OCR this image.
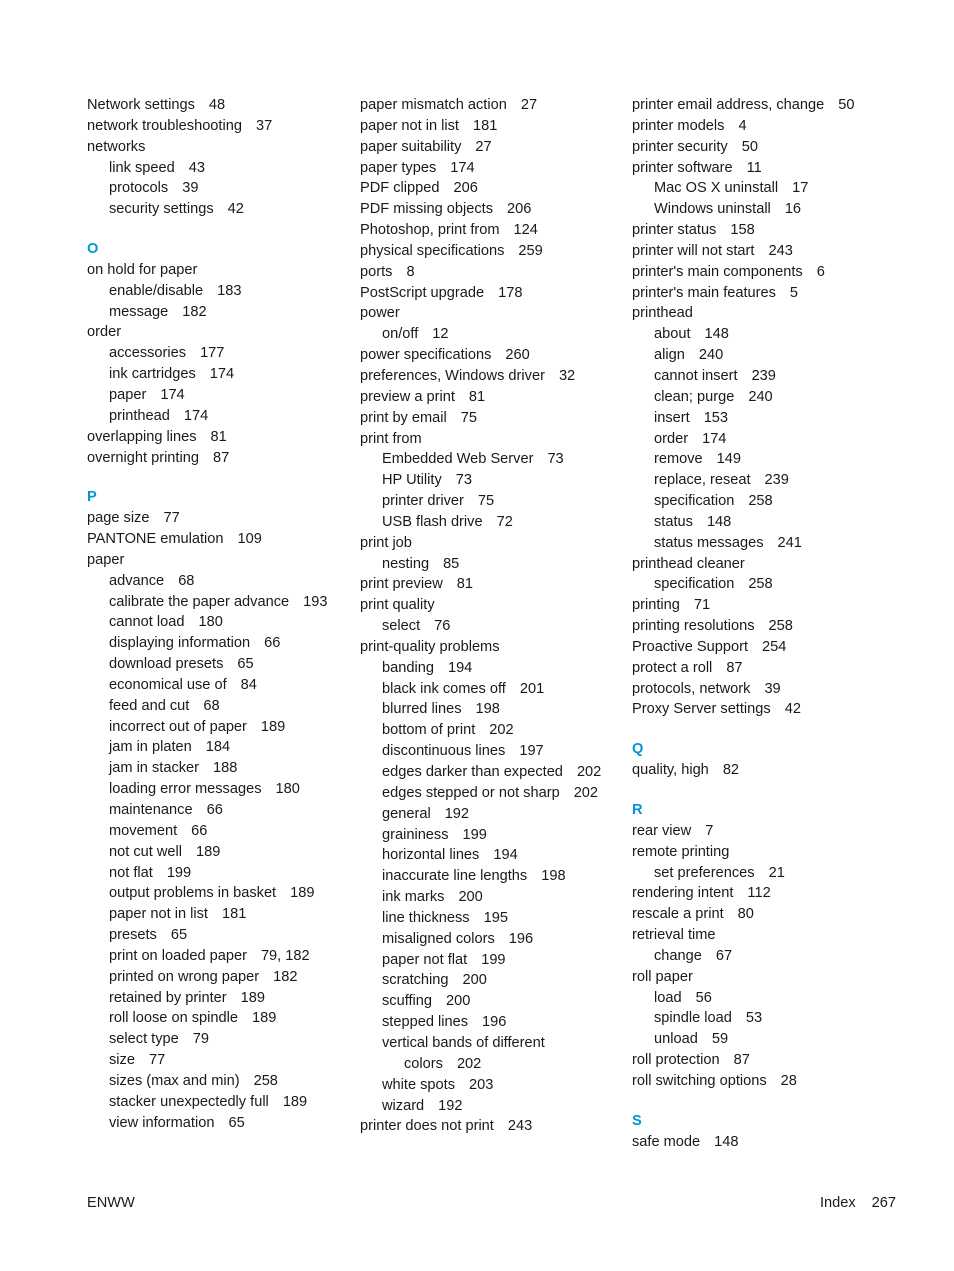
Network settings 48
network troubleshooting 37
networks
link speed 43
protocols 39
security settings 42
O
on hold for paper
enable/disable 183
message 182
order
accessories 177
ink cartridges 174
paper 174
printhead 174
overlapping lines 81
overnight printing 87
P
page size 77
PANTONE emulation 109
paper
advance 68
calibrate the paper advance 193
cannot load 180
displaying information 66
download presets 65
economical use of 84
feed and cut 68
incorrect out of paper 189
jam in platen 184
jam in stacker 188
loading error messages 180
maintenance 66
movement 66
not cut well 189
not flat 199
output problems in basket 189
paper not in list 181
presets 65
print on loaded paper 79, 182
printed on wrong paper 182
retained by printer 189
roll loose on spindle 189
select type 79
size 77
sizes (max and min) 258
stacker unexpectedly full 189
view information 65
paper mismatch action 27
paper not in list 181
paper suitability 27
paper types 174
PDF clipped 206
PDF missing objects 206
Photoshop, print from 124
physical specifications 259
ports 8
PostScript upgrade 178
power
on/off 12
power specifications 260
preferences, Windows driver 32
preview a print 81
print by email 75
print from
Embedded Web Server 73
HP Utility 73
printer driver 75
USB flash drive 72
print job
nesting 85
print preview 81
print quality
select 76
print-quality problems
banding 194
black ink comes off 201
blurred lines 198
bottom of print 202
discontinuous lines 197
edges darker than expected 202
edges stepped or not sharp 202
general 192
graininess 199
horizontal lines 194
inaccurate line lengths 198
ink marks 200
line thickness 195
misaligned colors 196
paper not flat 199
scratching 200
scuffing 200
stepped lines 196
vertical bands of different
colors 202
white spots 203
wizard 192
printer does not print 243
printer email address, change 50
printer models 4
printer security 50
printer software 11
Mac OS X uninstall 17
Windows uninstall 16
printer status 158
printer will not start 243
printer's main components 6
printer's main features 5
printhead
about 148
align 240
cannot insert 239
clean; purge 240
insert 153
order 174
remove 149
replace, reseat 239
specification 258
status 148
status messages 241
printhead cleaner
specification 258
printing 71
printing resolutions 258
Proactive Support 254
protect a roll 87
protocols, network 39
Proxy Server settings 42
Q
quality, high 82
R
rear view 7
remote printing
set preferences 21
rendering intent 112
rescale a print 80
retrieval time
change 67
roll paper
load 56
spindle load 53
unload 59
roll protection 87
roll switching options 28
S
safe mode 148
ENWW	Index 267
